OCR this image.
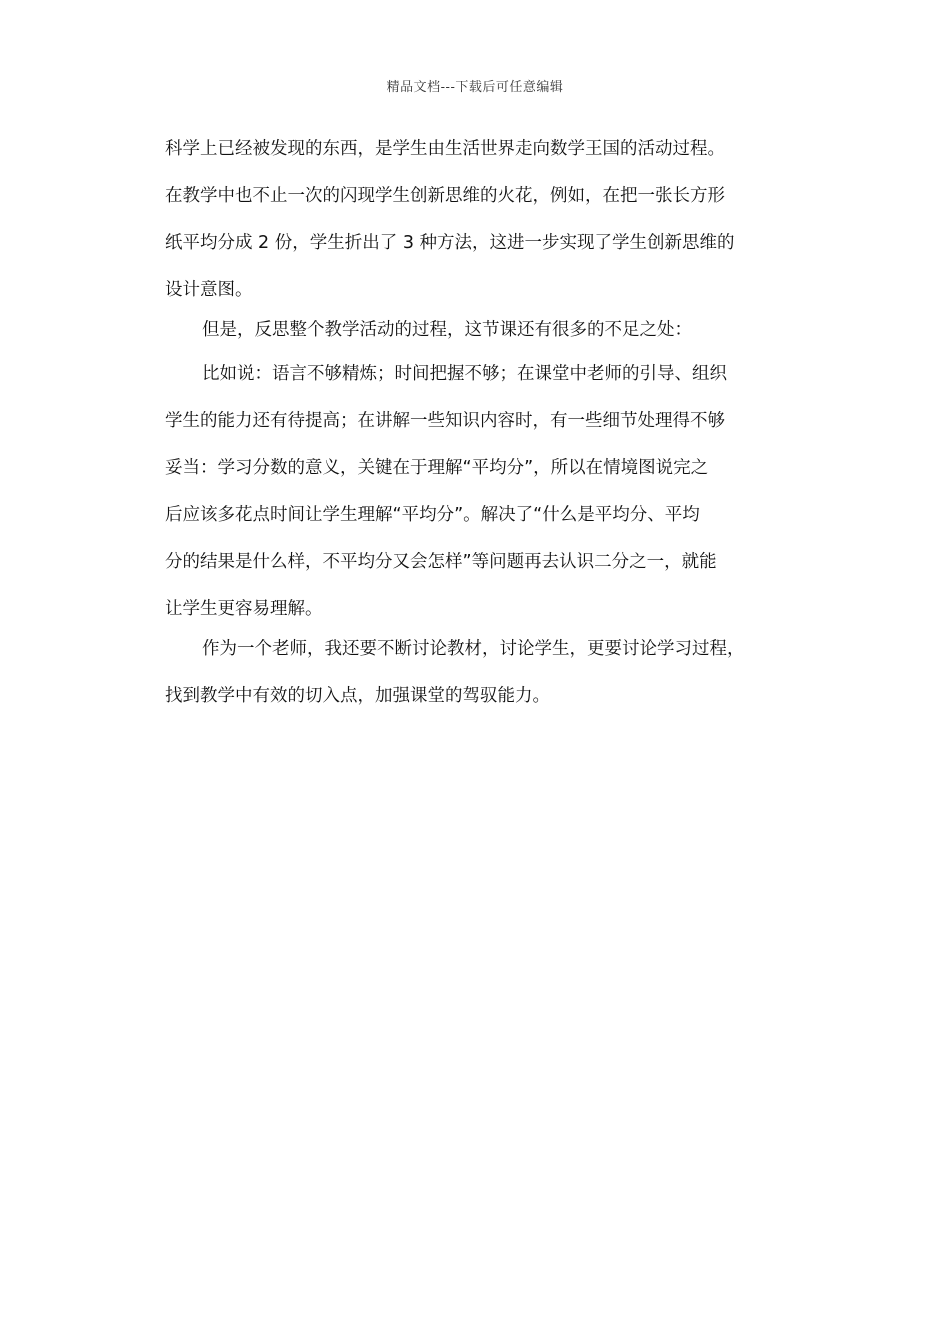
精品文档---下载后可任意编辑
科学上已经被发现的东西，是学生由生活世界走向数学王国的活动过程。
在教学中也不止一次的闪现学生创新思维的火花，例如，在把一张长方形
纸平均分成 2 份，学生折出了 3 种方法，这进一步实现了学生创新思维的
设计意图。
但是，反思整个教学活动的过程，这节课还有很多的不足之处：
比如说：语言不够精炼；时间把握不够；在课堂中老师的引导、组织
学生的能力还有待提高；在讲解一些知识内容时，有一些细节处理得不够
妥当：学习分数的意义，关键在于理解“平均分”，所以在情境图说完之
后应该多花点时间让学生理解“平均分”。解决了“什么是平均分、平均
分的结果是什么样，不平均分又会怎样”等问题再去认识二分之一，就能
让学生更容易理解。
作为一个老师，我还要不断讨论教材，讨论学生，更要讨论学习过程，
找到教学中有效的切入点，加强课堂的驾驭能力。
